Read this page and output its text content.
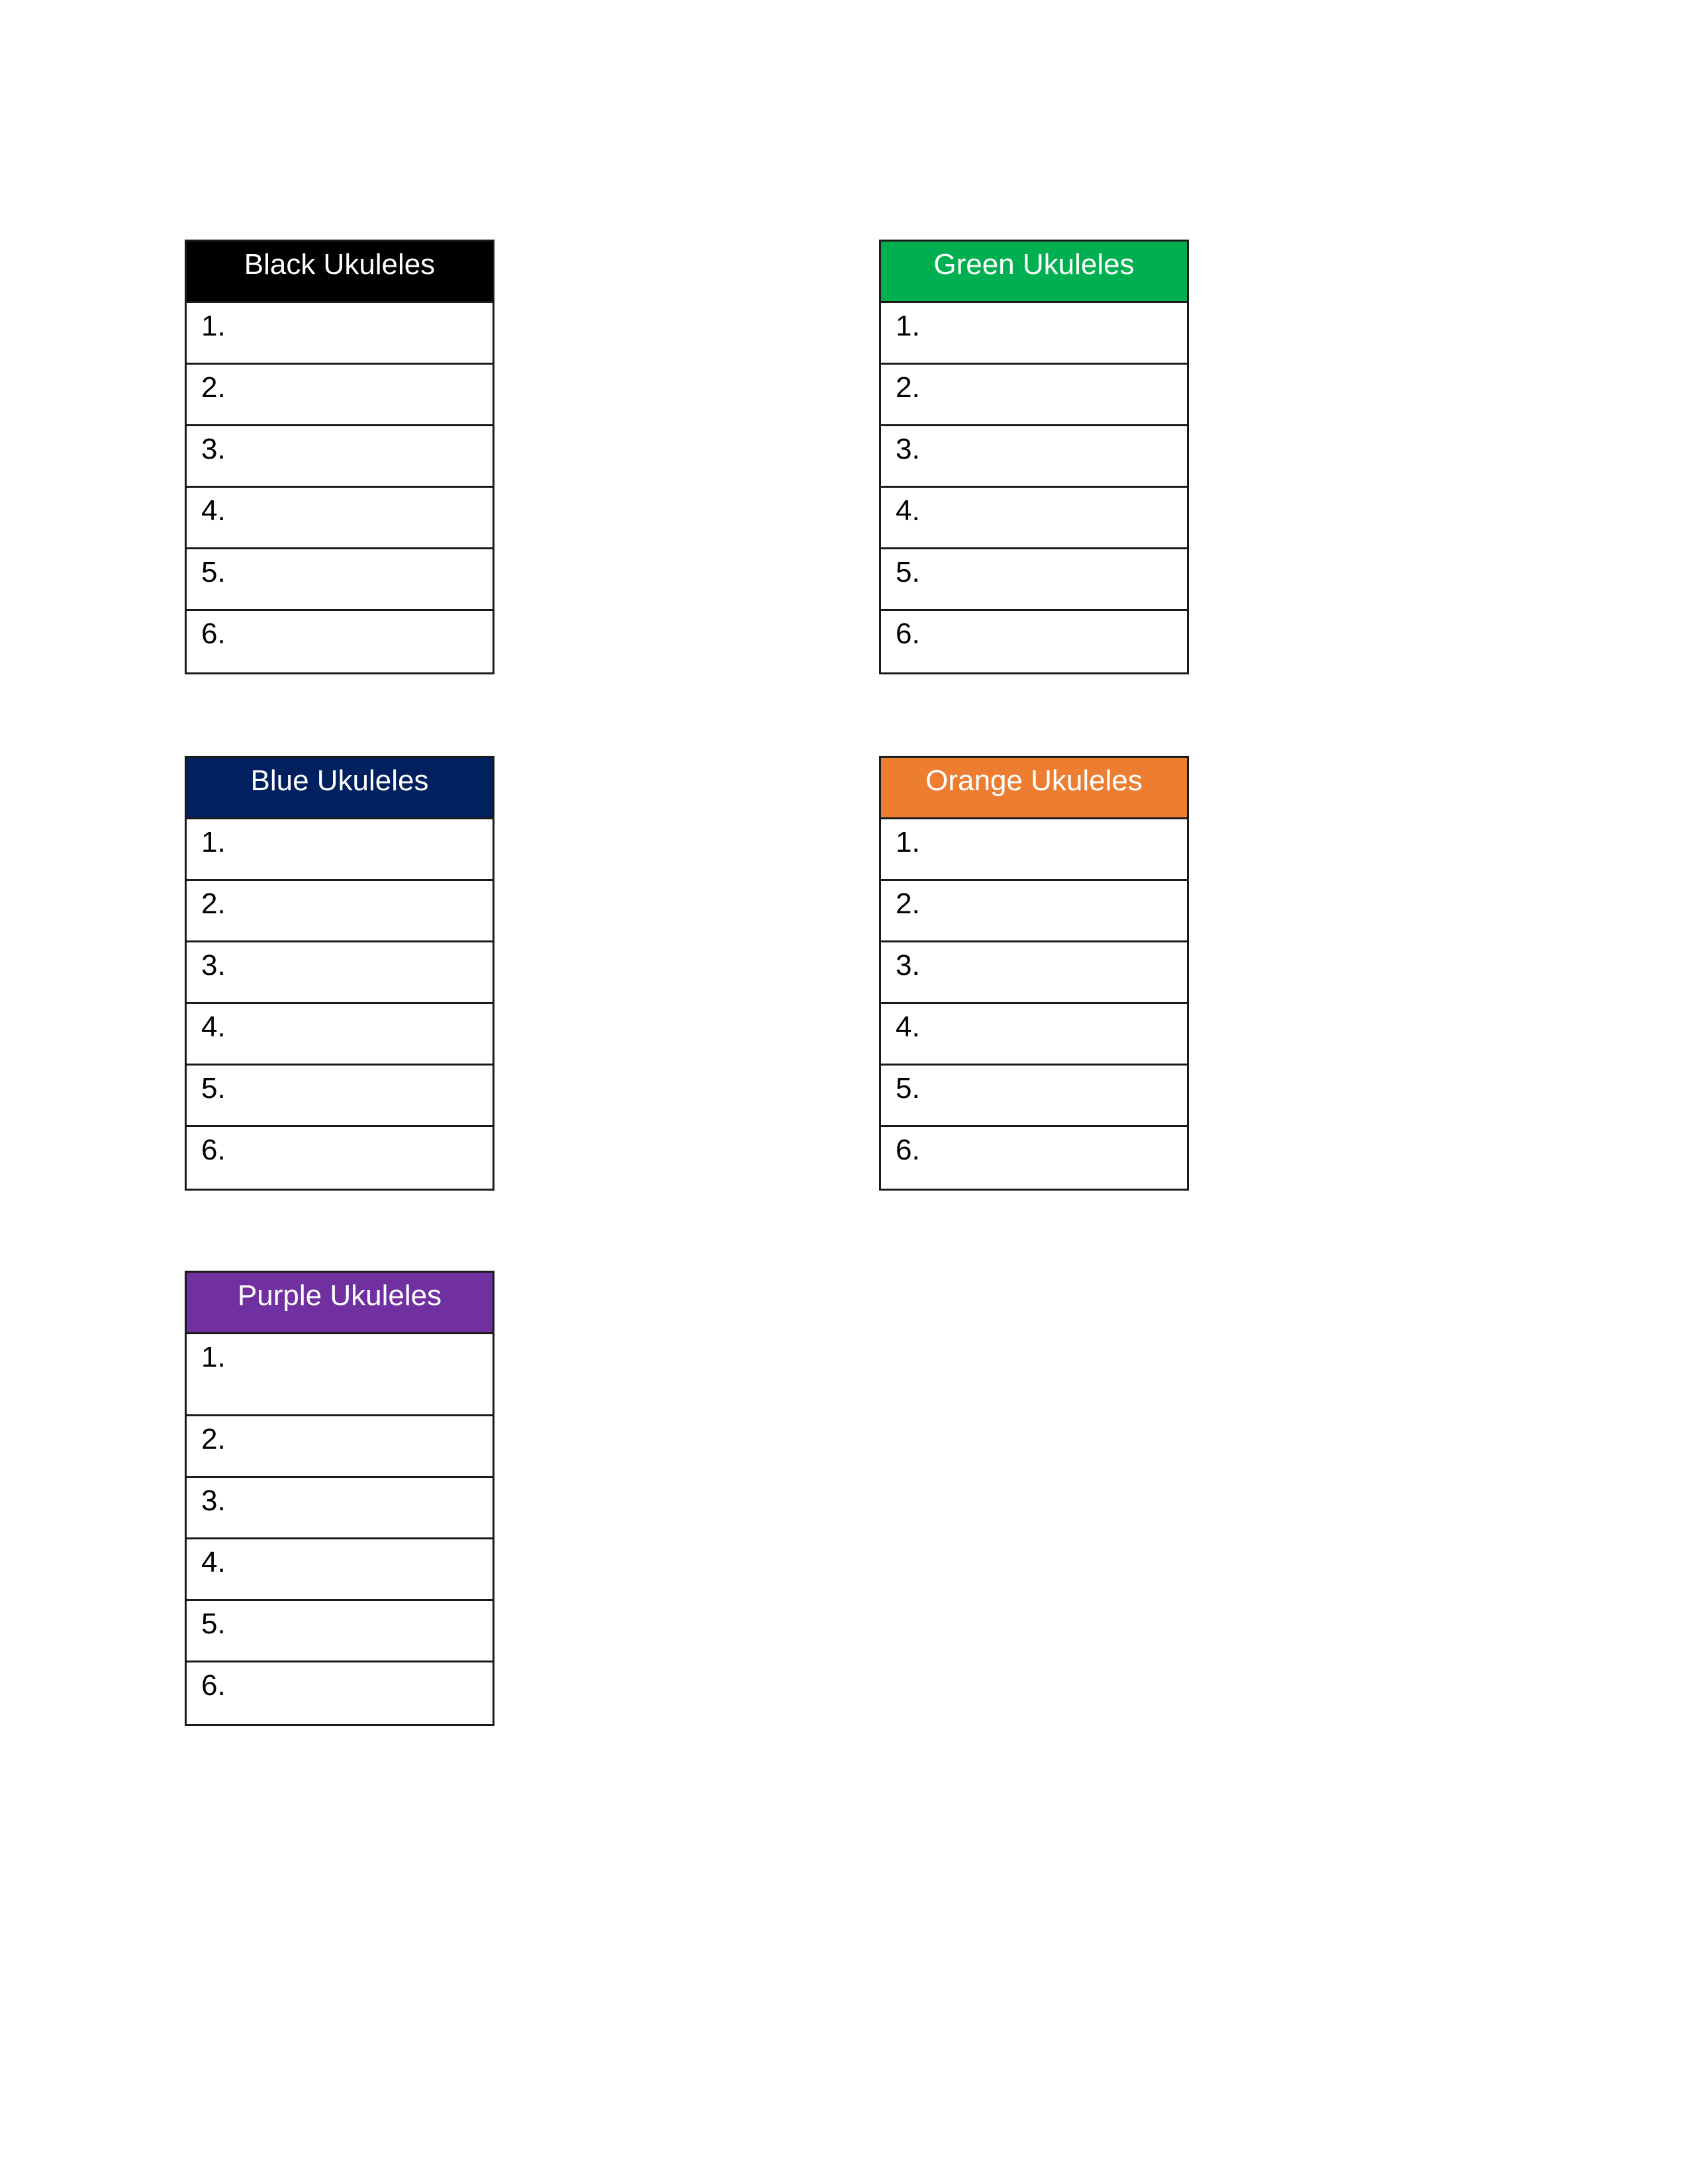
Black Ukuleles
1.
2.
3.
4.
5.
6.
Green Ukuleles
1.
2.
3.
4.
5.
6.
Blue Ukuleles
1.
2.
3.
4.
5.
6.
Orange Ukuleles
1.
2.
3.
4.
5.
6.
Purple Ukuleles
1.
2.
3.
4.
5.
6.
